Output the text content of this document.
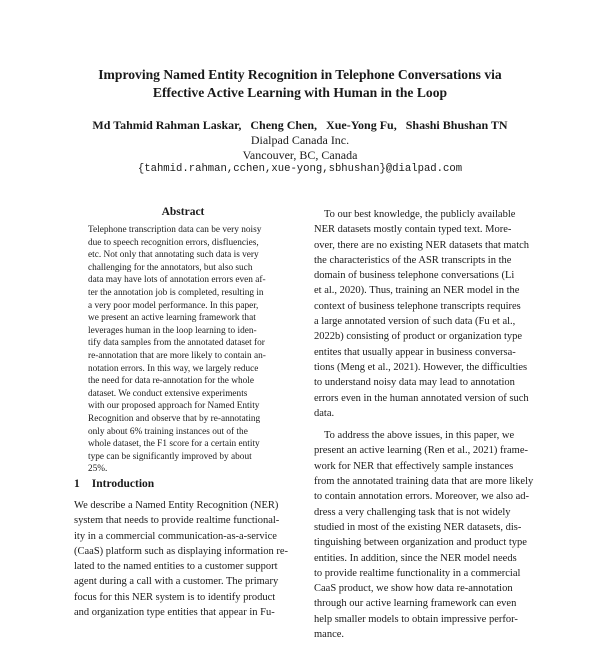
Improving Named Entity Recognition in Telephone Conversations via
Effective Active Learning with Human in the Loop
Md Tahmid Rahman Laskar, Cheng Chen, Xue-Yong Fu, Shashi Bhushan TN
Dialpad Canada Inc.
Vancouver, BC, Canada
{tahmid.rahman,cchen,xue-yong,sbhushan}@dialpad.com
Abstract
Telephone transcription data can be very noisy
due to speech recognition errors, disfluencies,
etc. Not only that annotating such data is very
challenging for the annotators, but also such
data may have lots of annotation errors even af-
ter the annotation job is completed, resulting in
a very poor model performance. In this paper,
we present an active learning framework that
leverages human in the loop learning to iden-
tify data samples from the annotated dataset for
re-annotation that are more likely to contain an-
notation errors. In this way, we largely reduce
the need for data re-annotation for the whole
dataset. We conduct extensive experiments
with our proposed approach for Named Entity
Recognition and observe that by re-annotating
only about 6% training instances out of the
whole dataset, the F1 score for a certain entity
type can be significantly improved by about
25%.
1 Introduction
We describe a Named Entity Recognition (NER)
system that needs to provide realtime functional-
ity in a commercial communication-as-a-service
(CaaS) platform such as displaying information re-
lated to the named entities to a customer support
agent during a call with a customer. The primary
focus for this NER system is to identify product
and organization type entities that appear in Fu-
To our best knowledge, the publicly available
NER datasets mostly contain typed text. More-
over, there are no existing NER datasets that match
the characteristics of the ASR transcripts in the
domain of business telephone conversations (Li
et al., 2020). Thus, training an NER model in the
context of business telephone transcripts requires
a large annotated version of such data (Fu et al.,
2022b) consisting of product or organization type
entites that usually appear in business conversa-
tions (Meng et al., 2021). However, the difficulties
to understand noisy data may lead to annotation
errors even in the human annotated version of such
data.
To address the above issues, in this paper, we
present an active learning (Ren et al., 2021) frame-
work for NER that effectively sample instances
from the annotated training data that are more likely
to contain annotation errors. Moreover, we also ad-
dress a very challenging task that is not widely
studied in most of the existing NER datasets, dis-
tinguishing between organization and product type
entities. In addition, since the NER model needs
to provide realtime functionality in a commercial
CaaS product, we show how data re-annotation
through our active learning framework can even
help smaller models to obtain impressive perfor-
mance.
